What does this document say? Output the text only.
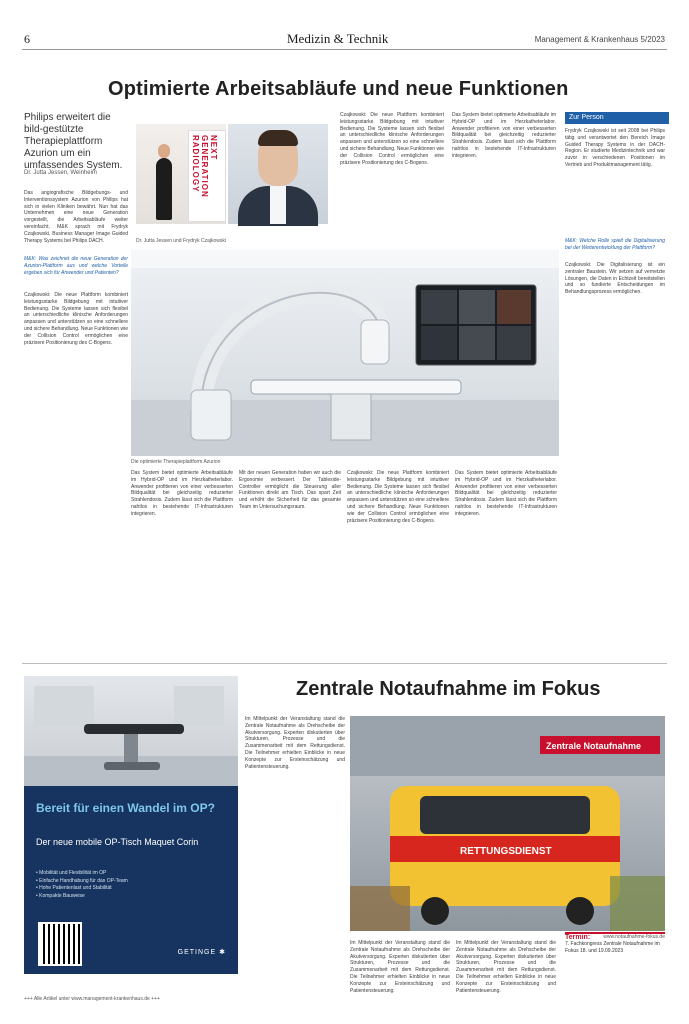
6	Medizin & Technik	Management & Krankenhaus 5/2023
Optimierte Arbeitsabläufe und neue Funktionen
Philips erweitert die bild-gestützte Therapieplattform Azurion um ein umfassendes System.
Dr. Jutta Jessen, Weinheim
NEXT GENERATION RADIOLOGY
Dr. Jutta Jessen und Frydryk Czajkowski
Czajkowski: Die neue Plattform kombiniert leistungsstarke Bildgebung mit intuitiver Bedienung. Die Systeme lassen sich flexibel an unterschiedliche klinische Anforderungen anpassen und unterstützen so eine schnellere und sichere Behandlung. Neue Funktionen wie der Collision Control ermöglichen eine präzisere Positionierung des C-Bogens.
Das System bietet optimierte Arbeitsabläufe im Hybrid-OP und im Herzkatheterlabor. Anwender profitieren von einer verbesserten Bildqualität bei gleichzeitig reduzierter Strahlendosis. Zudem lässt sich die Plattform nahtlos in bestehende IT-Infrastrukturen integrieren.
Zur Person
Frydryk Czajkowski ist seit 2008 bei Philips tätig und verantwortet den Bereich Image Guided Therapy Systems in der DACH-Region. Er studierte Medizintechnik und war zuvor in verschiedenen Positionen im Vertrieb und Produktmanagement tätig.
M&K: Welche Rolle spielt die Digitalisierung bei der Weiterentwicklung der Plattform?
Czajkowski: Die Digitalisierung ist ein zentraler Baustein. Wir setzen auf vernetzte Lösungen, die Daten in Echtzeit bereitstellen und so fundierte Entscheidungen im Behandlungsprozess ermöglichen.
Das angiografische Bildgebungs- und Interventionssystem Azurion von Philips hat sich in vielen Kliniken bewährt. Nun hat das Unternehmen eine neue Generation vorgestellt, die Arbeitsabläufe weiter vereinfacht. M&K sprach mit Frydryk Czajkowski, Business Manager Image Guided Therapy Systems bei Philips DACH.
M&K: Was zeichnet die neue Generation der Azurion-Plattform aus und welche Vorteile ergeben sich für Anwender und Patienten?
Czajkowski: Die neue Plattform kombiniert leistungsstarke Bildgebung mit intuitiver Bedienung. Die Systeme lassen sich flexibel an unterschiedliche klinische Anforderungen anpassen und unterstützen so eine schnellere und sichere Behandlung. Neue Funktionen wie der Collision Control ermöglichen eine präzisere Positionierung des C-Bogens.
Die optimierte Therapieplattform Azurion
Das System bietet optimierte Arbeitsabläufe im Hybrid-OP und im Herzkatheterlabor. Anwender profitieren von einer verbesserten Bildqualität bei gleichzeitig reduzierter Strahlendosis. Zudem lässt sich die Plattform nahtlos in bestehende IT-Infrastrukturen integrieren.
Mit der neuen Generation haben wir auch die Ergonomie verbessert. Der Tableside-Controller ermöglicht die Steuerung aller Funktionen direkt am Tisch. Das spart Zeit und erhöht die Sicherheit für das gesamte Team im Untersuchungsraum.
Czajkowski: Die neue Plattform kombiniert leistungsstarke Bildgebung mit intuitiver Bedienung. Die Systeme lassen sich flexibel an unterschiedliche klinische Anforderungen anpassen und unterstützen so eine schnellere und sichere Behandlung. Neue Funktionen wie der Collision Control ermöglichen eine präzisere Positionierung des C-Bogens.
Das System bietet optimierte Arbeitsabläufe im Hybrid-OP und im Herzkatheterlabor. Anwender profitieren von einer verbesserten Bildqualität bei gleichzeitig reduzierter Strahlendosis. Zudem lässt sich die Plattform nahtlos in bestehende IT-Infrastrukturen integrieren.
Bereit für einen Wandel im OP?
Der neue mobile OP-Tisch Maquet Corin
• Mobilität und Flexibilität im OP
• Einfache Handhabung für das OP-Team
• Hohe Patientenlast und Stabilität
• Kompakte Bauweise
GETINGE ✱
Zentrale Notaufnahme im Fokus
Im Mittelpunkt der Veranstaltung stand die Zentrale Notaufnahme als Drehscheibe der Akutversorgung. Experten diskutierten über Strukturen, Prozesse und die Zusammenarbeit mit dem Rettungsdienst. Die Teilnehmer erhielten Einblicke in neue Konzepte zur Ersteinschätzung und Patientensteuerung.
Zentrale Notaufnahme
RETTUNGSDIENST
www.notaufnahme-fokus.de
Im Mittelpunkt der Veranstaltung stand die Zentrale Notaufnahme als Drehscheibe der Akutversorgung. Experten diskutierten über Strukturen, Prozesse und die Zusammenarbeit mit dem Rettungsdienst. Die Teilnehmer erhielten Einblicke in neue Konzepte zur Ersteinschätzung und Patientensteuerung.
Im Mittelpunkt der Veranstaltung stand die Zentrale Notaufnahme als Drehscheibe der Akutversorgung. Experten diskutierten über Strukturen, Prozesse und die Zusammenarbeit mit dem Rettungsdienst. Die Teilnehmer erhielten Einblicke in neue Konzepte zur Ersteinschätzung und Patientensteuerung.
Termin:
7. Fachkongress Zentrale Notaufnahme im Fokus 18. und 19.09.2023
+++ Alle Artikel unter www.management-krankenhaus.de +++
